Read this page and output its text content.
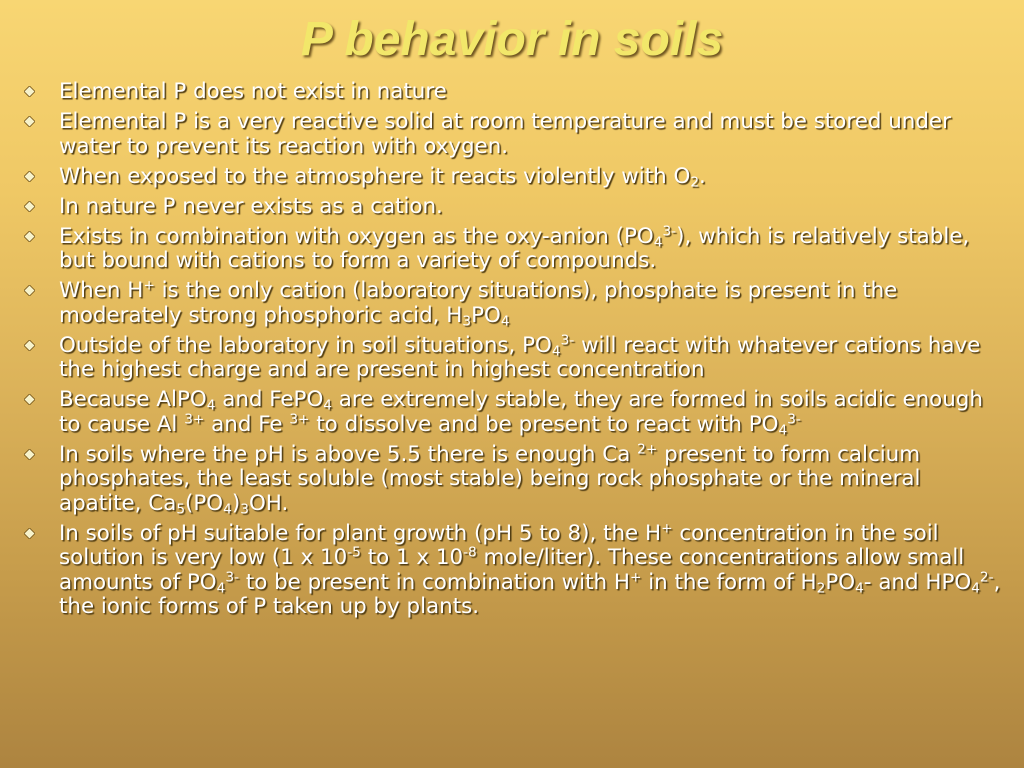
P behavior in soils
Elemental P does not exist in nature
Elemental P is a very reactive solid at room temperature and must be stored under water to prevent its reaction with oxygen.
When exposed to the atmosphere it reacts violently with $O_2$.
In nature P never exists as a cation.
Exists in combination with oxygen as the oxy-anion $(PO_4^{3-})$, which is relatively stable, but bound with cations to form a variety of compounds.
When H+ is the only cation (laboratory situations), phosphate is present in the moderately strong phosphoric acid, $H_3PO_4$
Outside of the laboratory in soil situations, $PO_4^{3-}$ will react with whatever cations have the highest charge and are present in highest concentration
Because AlPO$_4$ and FePO$_4$ are extremely stable, they are formed in soils acidic enough to cause Al $^{3+}$ and Fe $^{3+}$ to dissolve and be present to react with $PO_4^{3-}$
In soils where the pH is above 5.5 there is enough Ca $^{2+}$ present to form calcium phosphates, the least soluble (most stable) being rock phosphate or the mineral apatite, $Ca_5(PO_4)_3OH$.
In soils of pH suitable for plant growth (pH 5 to 8), the H+ concentration in the soil solution is very low (1 x $10^{-5}$ to 1 x $10^{-8}$ mole/liter). These concentrations allow small amounts of $PO_4^{3-}$ to be present in combination with H+ in the form of $H_2PO_4-$ and $HPO_4^{2-}$, the ionic forms of P taken up by plants.
